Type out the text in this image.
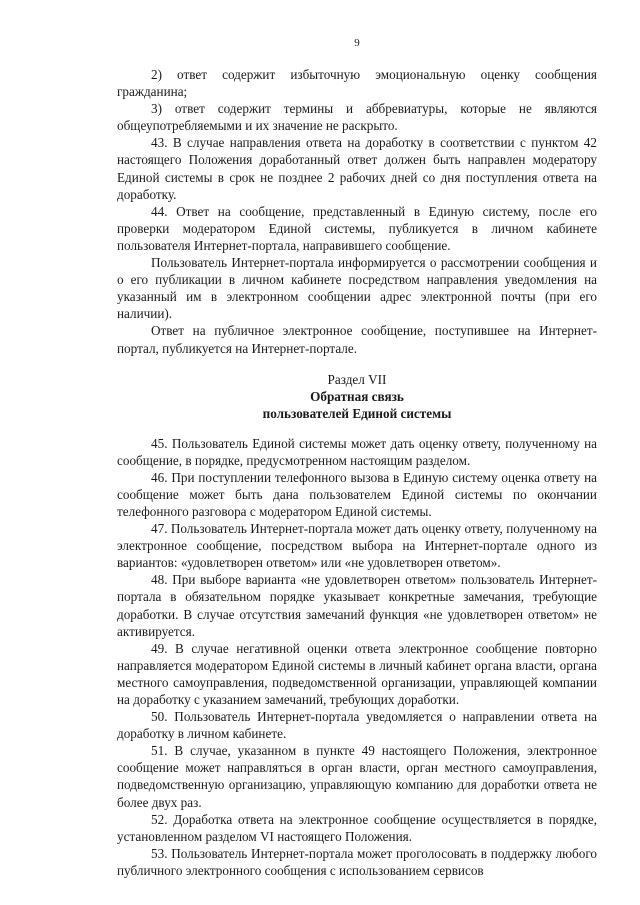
9

2) ответ содержит избыточную эмоциональную оценку сообщения гражданина;

3) ответ содержит термины и аббревиатуры, которые не являются общеупотребляемыми и их значение не раскрыто.

43. В случае направления ответа на доработку в соответствии с пунктом 42 настоящего Положения доработанный ответ должен быть направлен модератору Единой системы в срок не позднее 2 рабочих дней со дня поступления ответа на доработку.

44. Ответ на сообщение, представленный в Единую систему, после его проверки модератором Единой системы, публикуется в личном кабинете пользователя Интернет-портала, направившего сообщение.

Пользователь Интернет-портала информируется о рассмотрении сообщения и о его публикации в личном кабинете посредством направления уведомления на указанный им в электронном сообщении адрес электронной почты (при его наличии).

Ответ на публичное электронное сообщение, поступившее на Интернет-портал, публикуется на Интернет-портале.

Раздел VII
Обратная связь
пользователей Единой системы

45. Пользователь Единой системы может дать оценку ответу, полученному на сообщение, в порядке, предусмотренном настоящим разделом.

46. При поступлении телефонного вызова в Единую систему оценка ответу на сообщение может быть дана пользователем Единой системы по окончании телефонного разговора с модератором Единой системы.

47. Пользователь Интернет-портала может дать оценку ответу, полученному на электронное сообщение, посредством выбора на Интернет-портале одного из вариантов: «удовлетворен ответом» или «не удовлетворен ответом».

48. При выборе варианта «не удовлетворен ответом» пользователь Интернет-портала в обязательном порядке указывает конкретные замечания, требующие доработки. В случае отсутствия замечаний функция «не удовлетворен ответом» не активируется.

49. В случае негативной оценки ответа электронное сообщение повторно направляется модератором Единой системы в личный кабинет органа власти, органа местного самоуправления, подведомственной организации, управляющей компании на доработку с указанием замечаний, требующих доработки.

50. Пользователь Интернет-портала уведомляется о направлении ответа на доработку в личном кабинете.

51. В случае, указанном в пункте 49 настоящего Положения, электронное сообщение может направляться в орган власти, орган местного самоуправления, подведомственную организацию, управляющую компанию для доработки ответа не более двух раз.

52. Доработка ответа на электронное сообщение осуществляется в порядке, установленном разделом VI настоящего Положения.

53. Пользователь Интернет-портала может проголосовать в поддержку любого публичного электронного сообщения с использованием сервисов
